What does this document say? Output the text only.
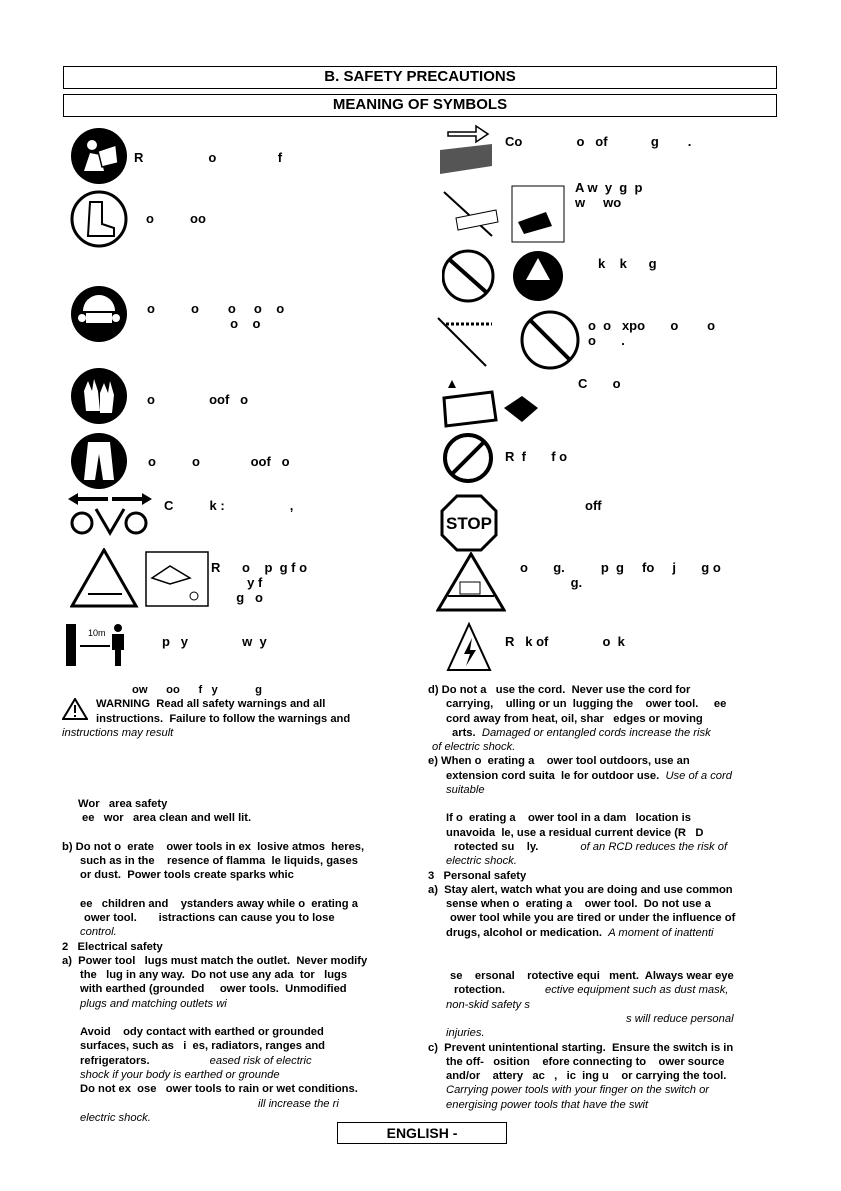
B. SAFETY PRECAUTIONS
MEANING OF SYMBOLS
R                  o                 f
o          oo
o          o        o     o    o
o    o
o               oof   o
o          o              oof   o
C          k :                  ,
R      o    p  g f o
y f
g   o
10m
p   y               w  y
Co               o   of            g        .
A w  y  g  p
w     wo
k    k      g
o  o   xpo       o        o
o       .
C       o
R  f       f o
STOP
off
o       g.          p  g     fo     j       g o
g.
R   k of               o  k

ow      oo      f   y            g

WARNING  Read all safety warnings and all

instructions.  Failure to follow the warnings and

instructions may result

Wor   area safety

ee   wor   area clean and well lit.

b) Do not o  erate    ower tools in ex  losive atmos  heres,

such as in the    resence of flamma  le liquids, gases

or dust.  Power tools create sparks whic

ee   children and    ystanders away while o  erating a

ower tool.       istractions can cause you to lose

control.

2   Electrical safety

a)  Power tool   lugs must match the outlet.  Never modify

the   lug in any way.  Do not use any ada  tor   lugs

with earthed (grounded     ower tools.  Unmodified

plugs and matching outlets wi

Avoid    ody contact with earthed or grounded

surfaces, such as   i  es, radiators, ranges and

refrigerators.	eased risk of electric

shock if your body is earthed or grounde

Do not ex  ose   ower tools to rain or wet conditions.

ill increase the ri

electric shock.

d) Do not a   use the cord.  Never use the cord for

carrying,    ulling or un  lugging the    ower tool.     ee

cord away from heat, oil, shar   edges or moving

arts. Damaged or entangled cords increase the risk

of electric shock.

e) When o  erating a    ower tool outdoors, use an

extension cord suita  le for outdoor use. Use of a cord

suitable

If o  erating a    ower tool in a dam   location is

unavoida  le, use a residual current device (R   D

rotected su    ly.	of an RCD reduces the risk of

electric shock.

3   Personal safety

a)  Stay alert, watch what you are doing and use common

sense when o  erating a    ower tool.  Do not use a

ower tool while you are tired or under the influence of

drugs, alcohol or medication. A moment of inattenti

se    ersonal    rotective equi   ment.  Always wear eye

rotection.	ective equipment such as dust mask,

non-skid safety s

s will reduce personal

injuries.

c)  Prevent unintentional starting.  Ensure the switch is in

the off-   osition    efore connecting to    ower source

and/or    attery   ac   ,   ic  ing u    or carrying the tool.

Carrying power tools with your finger on the switch or

energising power tools that have the swit

ENGLISH -
